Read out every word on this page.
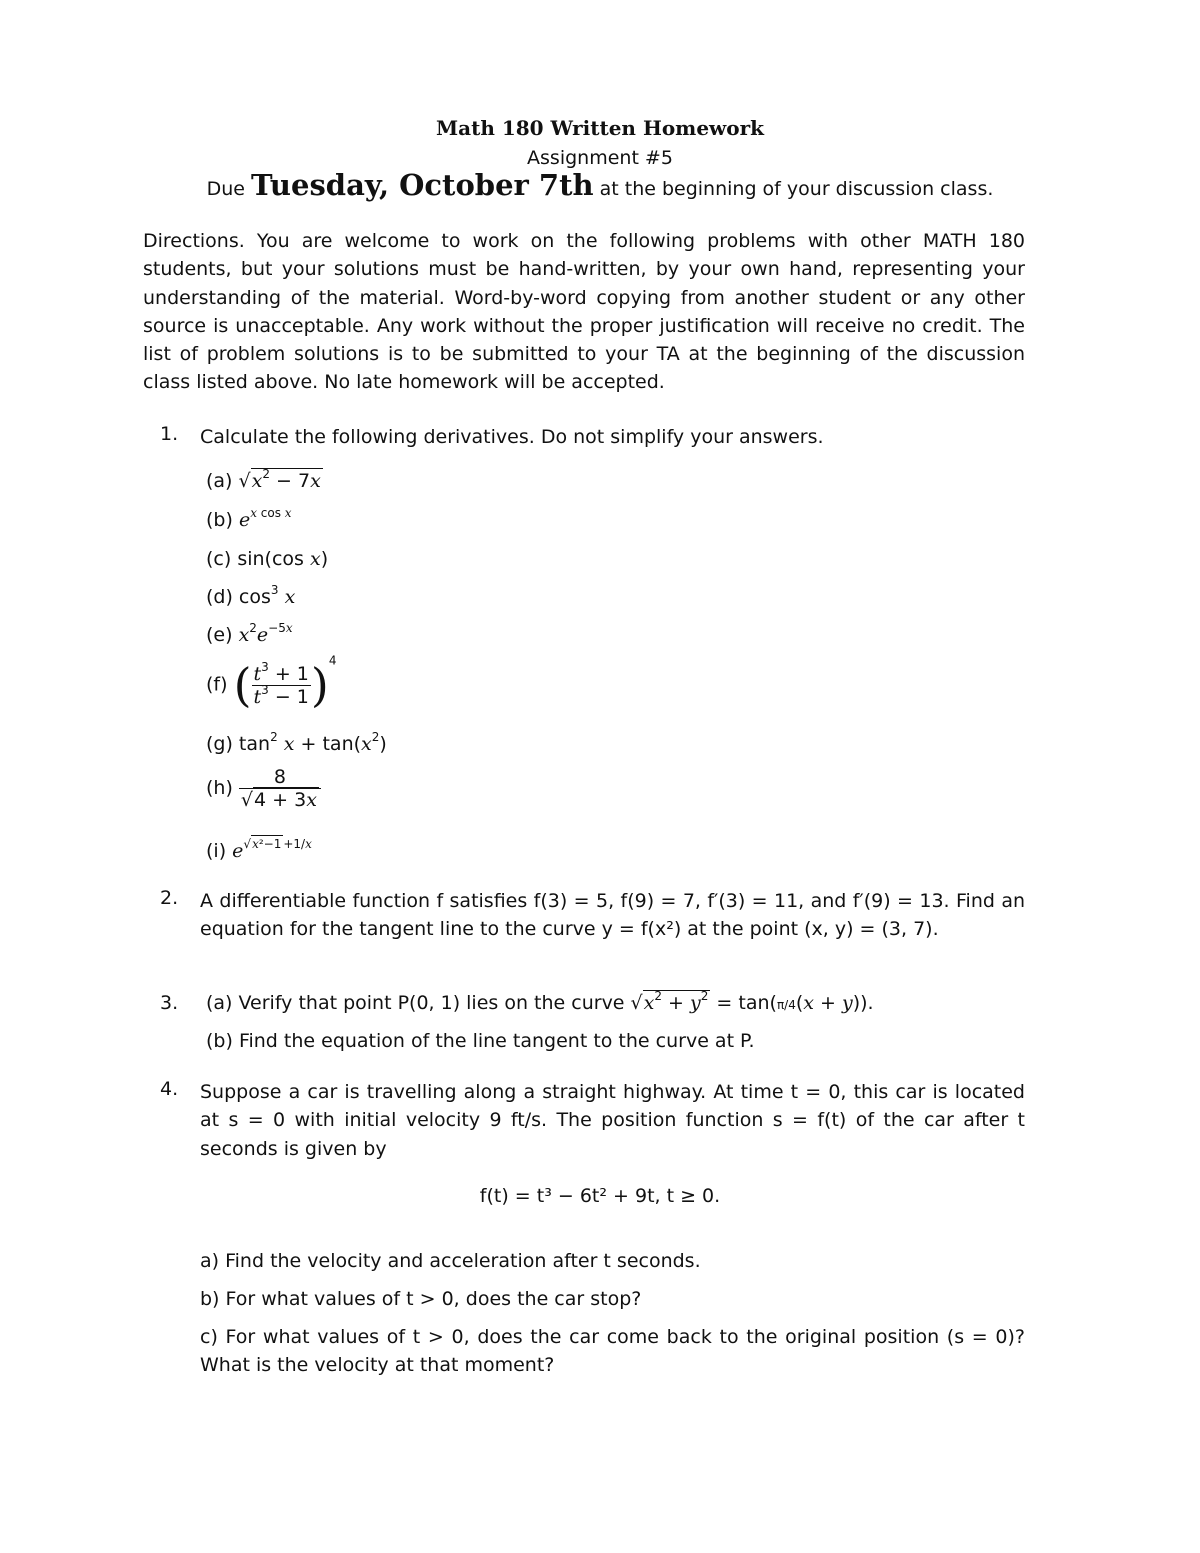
Math 180 Written Homework
Assignment #5
Due Tuesday, October 7th at the beginning of your discussion class.
Directions. You are welcome to work on the following problems with other MATH 180 students, but your solutions must be hand-written, by your own hand, representing your understanding of the material. Word-by-word copying from another student or any other source is unacceptable. Any work without the proper justification will receive no credit. The list of problem solutions is to be submitted to your TA at the beginning of the discussion class listed above. No late homework will be accepted.
1. Calculate the following derivatives. Do not simplify your answers.
(a) $√x^2 - 7x$
(b) $e^{x cos x}$
(c) sin(cos x)
(d) $\cos^3 x$
(e) $x^2e^{-5x}$
(f) ( $\frac{t^3 + 1}{t^3 - 1} )^4$
(g) $\tan^2 x + \tan(x^2)$
$(h) \frac{8}{√4 + 3x}$
(i) $e^{√x^2-1 +1/x}$
2. A differentiable function f satisfies f(3) = 5, f(9) = 7, f′(3) = 11, and f′(9) = 13. Find an equation for the tangent line to the curve y = f(x²) at the point (x, y) = (3, 7).
3. (a) Verify that point P(0, 1) lies on the curve $√x^2 + y^2 = \tan(\pi/4(x + y))$.
(b) Find the equation of the line tangent to the curve at P.
4. Suppose a car is travelling along a straight highway. At time t = 0, this car is located at s = 0 with initial velocity 9 ft/s. The position function s = f(t) of the car after t seconds is given by
f(t) = t³ − 6t² + 9t, t ≥ 0.
a) Find the velocity and acceleration after t seconds.
b) For what values of t > 0, does the car stop?
c) For what values of t > 0, does the car come back to the original position (s = 0)? What is the velocity at that moment?
